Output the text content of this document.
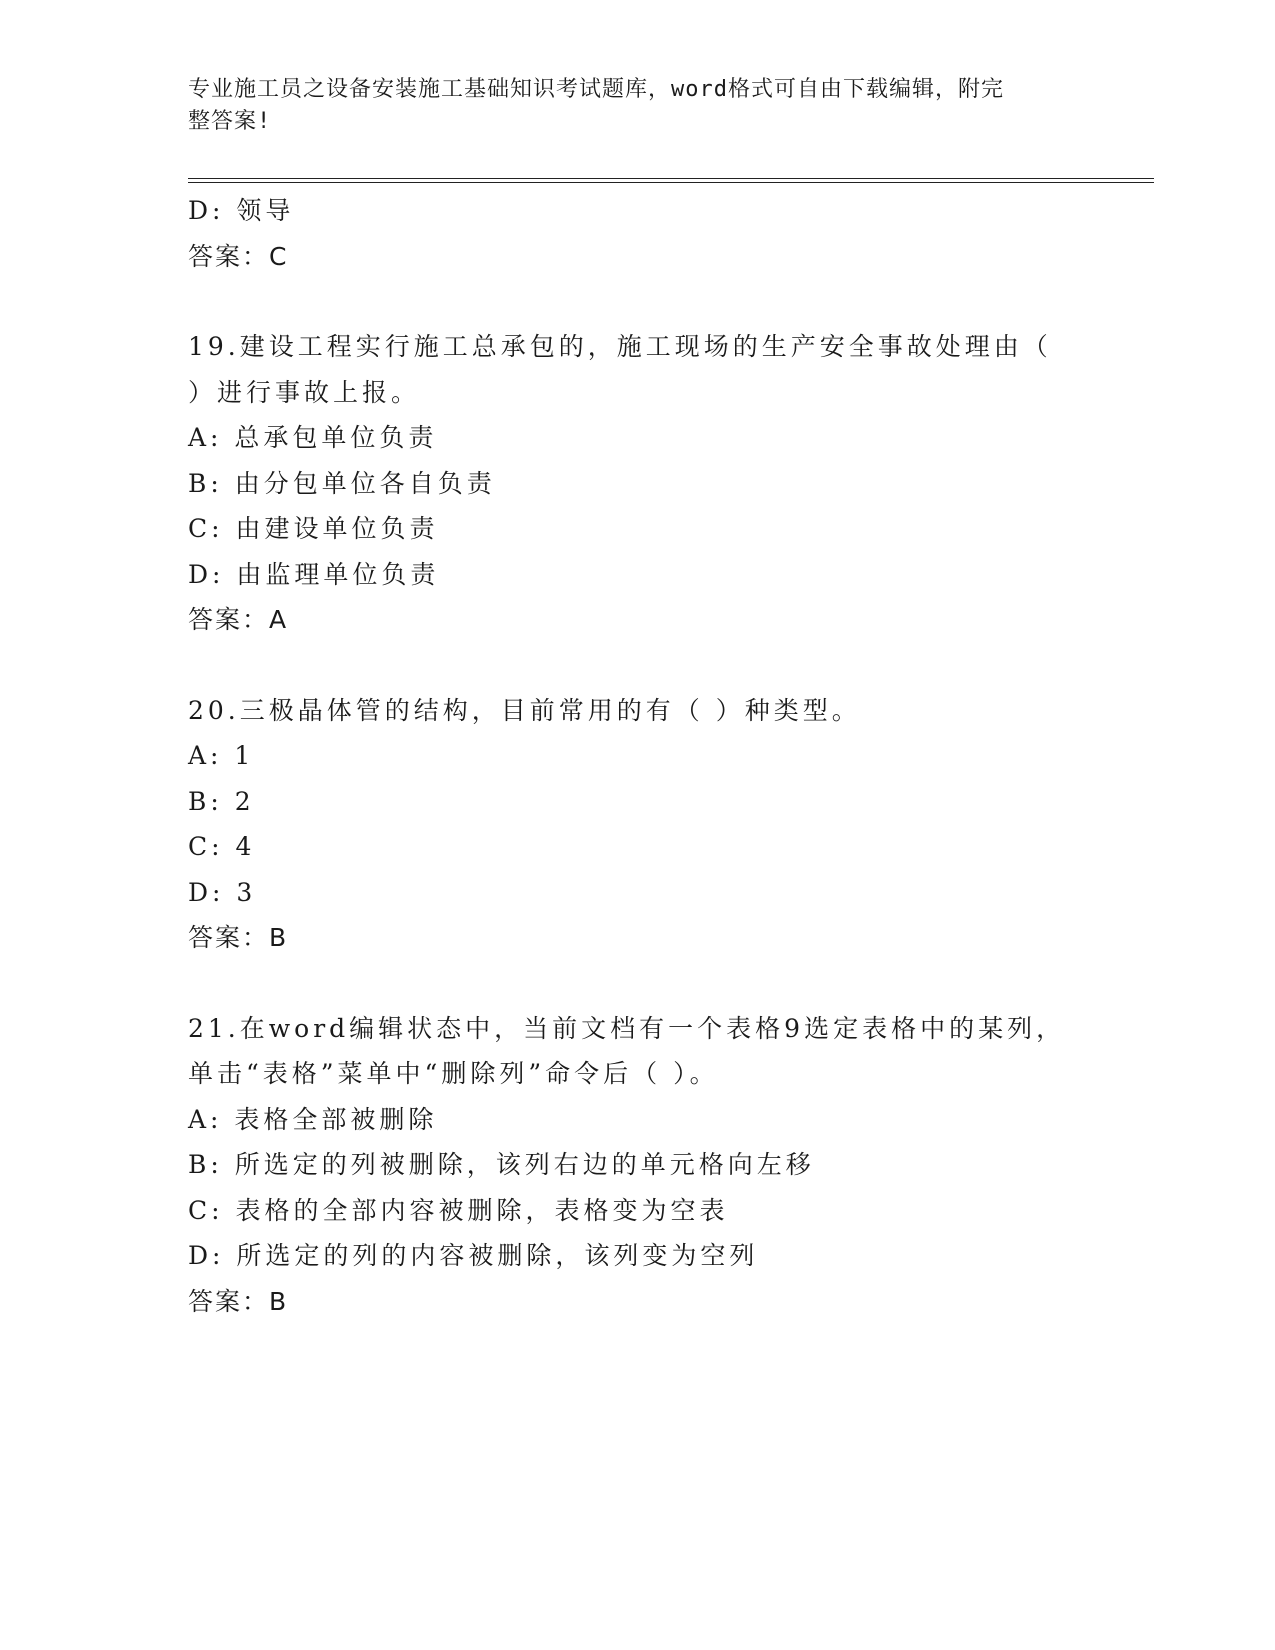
专业施工员之设备安装施工基础知识考试题库，word格式可自由下载编辑，附完
整答案!
D: 领导
答案：C
19.建设工程实行施工总承包的，施工现场的生产安全事故处理由（
）进行事故上报。
A: 总承包单位负责
B: 由分包单位各自负责
C: 由建设单位负责
D: 由监理单位负责
答案：A
20.三极晶体管的结构，目前常用的有（ ）种类型。
A: 1
B: 2
C: 4
D: 3
答案：B
21.在word编辑状态中，当前文档有一个表格9选定表格中的某列，
单击“表格”菜单中“删除列”命令后（ ）。
A: 表格全部被删除
B: 所选定的列被删除，该列右边的单元格向左移
C: 表格的全部内容被删除，表格变为空表
D: 所选定的列的内容被删除，该列变为空列
答案：B
